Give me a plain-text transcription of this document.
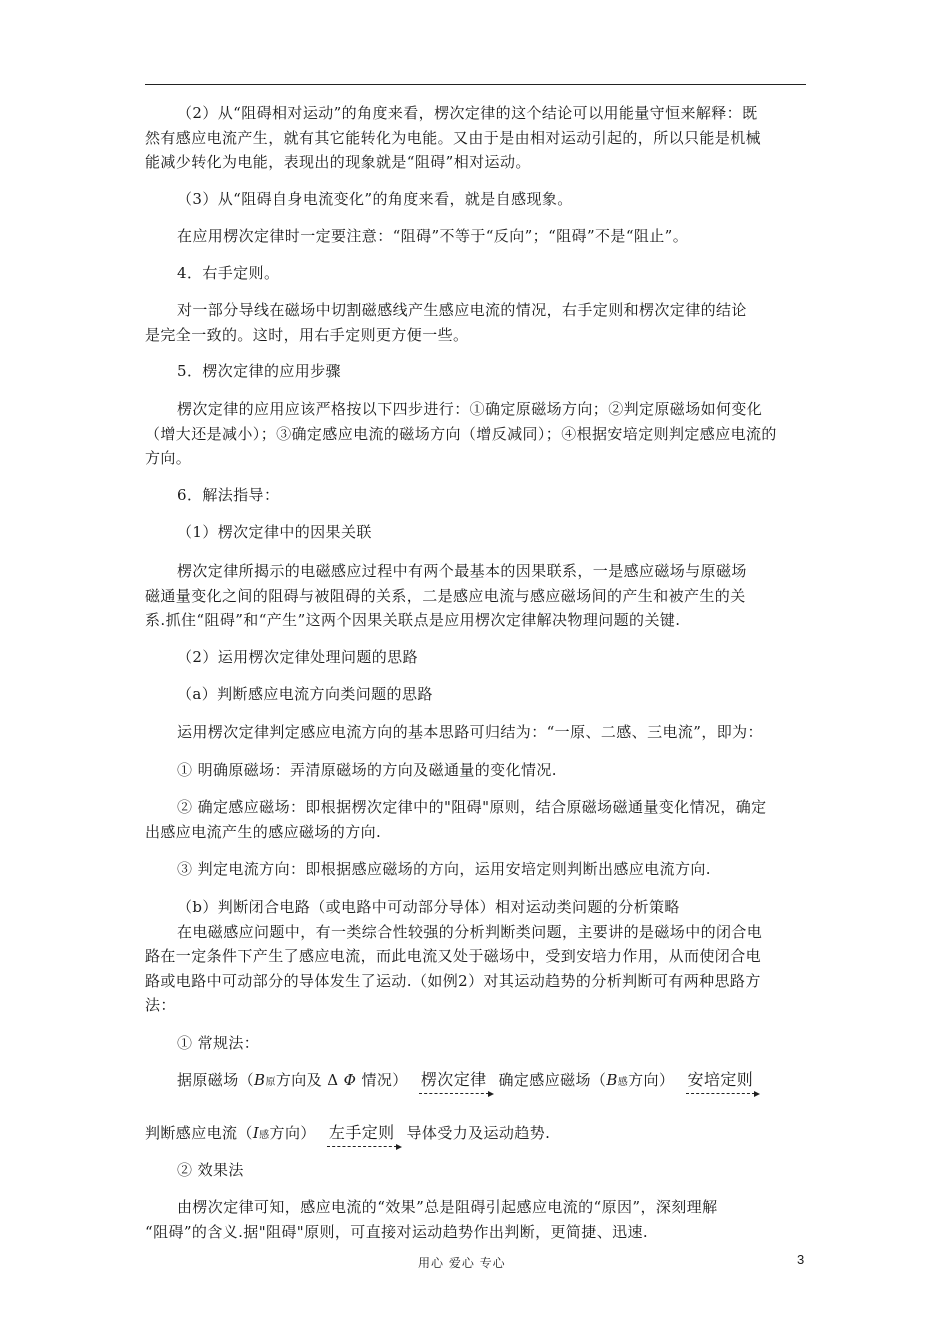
（2）从“阻碍相对运动”的角度来看，楞次定律的这个结论可以用能量守恒来解释：既
然有感应电流产生，就有其它能转化为电能。又由于是由相对运动引起的，所以只能是机械
能减少转化为电能，表现出的现象就是“阻碍”相对运动。
（3）从“阻碍自身电流变化”的角度来看，就是自感现象。
在应用楞次定律时一定要注意：“阻碍”不等于“反向”；“阻碍”不是“阻止”。
4．右手定则。
对一部分导线在磁场中切割磁感线产生感应电流的情况，右手定则和楞次定律的结论
是完全一致的。这时，用右手定则更方便一些。
5．楞次定律的应用步骤
楞次定律的应用应该严格按以下四步进行：①确定原磁场方向；②判定原磁场如何变化
（增大还是减小）；③确定感应电流的磁场方向（增反减同）；④根据安培定则判定感应电流的
方向。
6．解法指导：
（1）楞次定律中的因果关联
楞次定律所揭示的电磁感应过程中有两个最基本的因果联系，一是感应磁场与原磁场
磁通量变化之间的阻碍与被阻碍的关系，二是感应电流与感应磁场间的产生和被产生的关
系.抓住“阻碍”和“产生”这两个因果关联点是应用楞次定律解决物理问题的关键.
（2）运用楞次定律处理问题的思路
（a）判断感应电流方向类问题的思路
运用楞次定律判定感应电流方向的基本思路可归结为：“一原、二感、三电流”，即为：
① 明确原磁场：弄清原磁场的方向及磁通量的变化情况.
② 确定感应磁场：即根据楞次定律中的"阻碍"原则，结合原磁场磁通量变化情况，确定
出感应电流产生的感应磁场的方向.
③ 判定电流方向：即根据感应磁场的方向，运用安培定则判断出感应电流方向.
（b）判断闭合电路（或电路中可动部分导体）相对运动类问题的分析策略
在电磁感应问题中，有一类综合性较强的分析判断类问题，主要讲的是磁场中的闭合电
路在一定条件下产生了感应电流，而此电流又处于磁场中，受到安培力作用，从而使闭合电
路或电路中可动部分的导体发生了运动.（如例2）对其运动趋势的分析判断可有两种思路方
法：
① 常规法：
据原磁场（B原方向及 Δ Φ 情况） 楞次定律 确定感应磁场（B感方向） 安培定则
判断感应电流（I感方向） 左手定则 导体受力及运动趋势.
② 效果法
由楞次定律可知，感应电流的“效果”总是阻碍引起感应电流的“原因”，深刻理解
“阻碍”的含义.据"阻碍"原则，可直接对运动趋势作出判断，更简捷、迅速.
用心 爱心 专心	3
